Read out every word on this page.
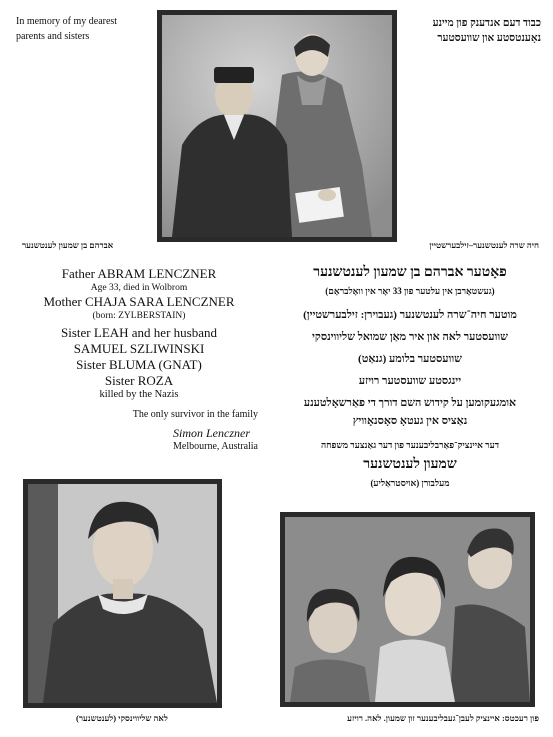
In memory of my dearest
parents and sisters
כבוד דעם אנדענק פון מיינע
נאָענטסטע און שוועסטער
אברהם בן שמעון לענטשנער	חיה שרה לענטשנער–זילבערשטיין
Father ABRAM LENCZNER
Age 33, died in Wolbrom
Mother CHAJA SARA LENCZNER
(born: ZYLBERSTAIN)
Sister LEAH and her husband
SAMUEL SZLIWINSKI
Sister BLUMA (GNAT)
Sister ROZA
killed by the Nazis
The only survivor in the family
Simon Lenczner
Melbourne, Australia
פאָטער אברהם בן שמעון לענטשנער
(געשטאָרבן אין עלטער פון 33 יאָר אין וואָלבראָם)
מוטער חיה־שרה לענטשנער (געבוירן: זילבערשטיין)
שוועסטער לאה און איר מאַן שמואל שליווינסקי
שוועסטער בלומע (גנאַט)
יינגסטע שוועסטער רויזע
אומגעקומען על קידוש השם דורך די פאַרשאָלטענע
נאַציס אין געטאָ סאָסנאָוויץ
דער איינציק־פאַרבליבענער פון דער גאַנצער משפחה
שמעון לענטשנער
מעלבורן (אויסטראַליע)
לאה שליווינסקי (לענטשנער)	פון רעכטס: איינציק לעבן־געבליבענער זון שמעון. לאה. רויזע
